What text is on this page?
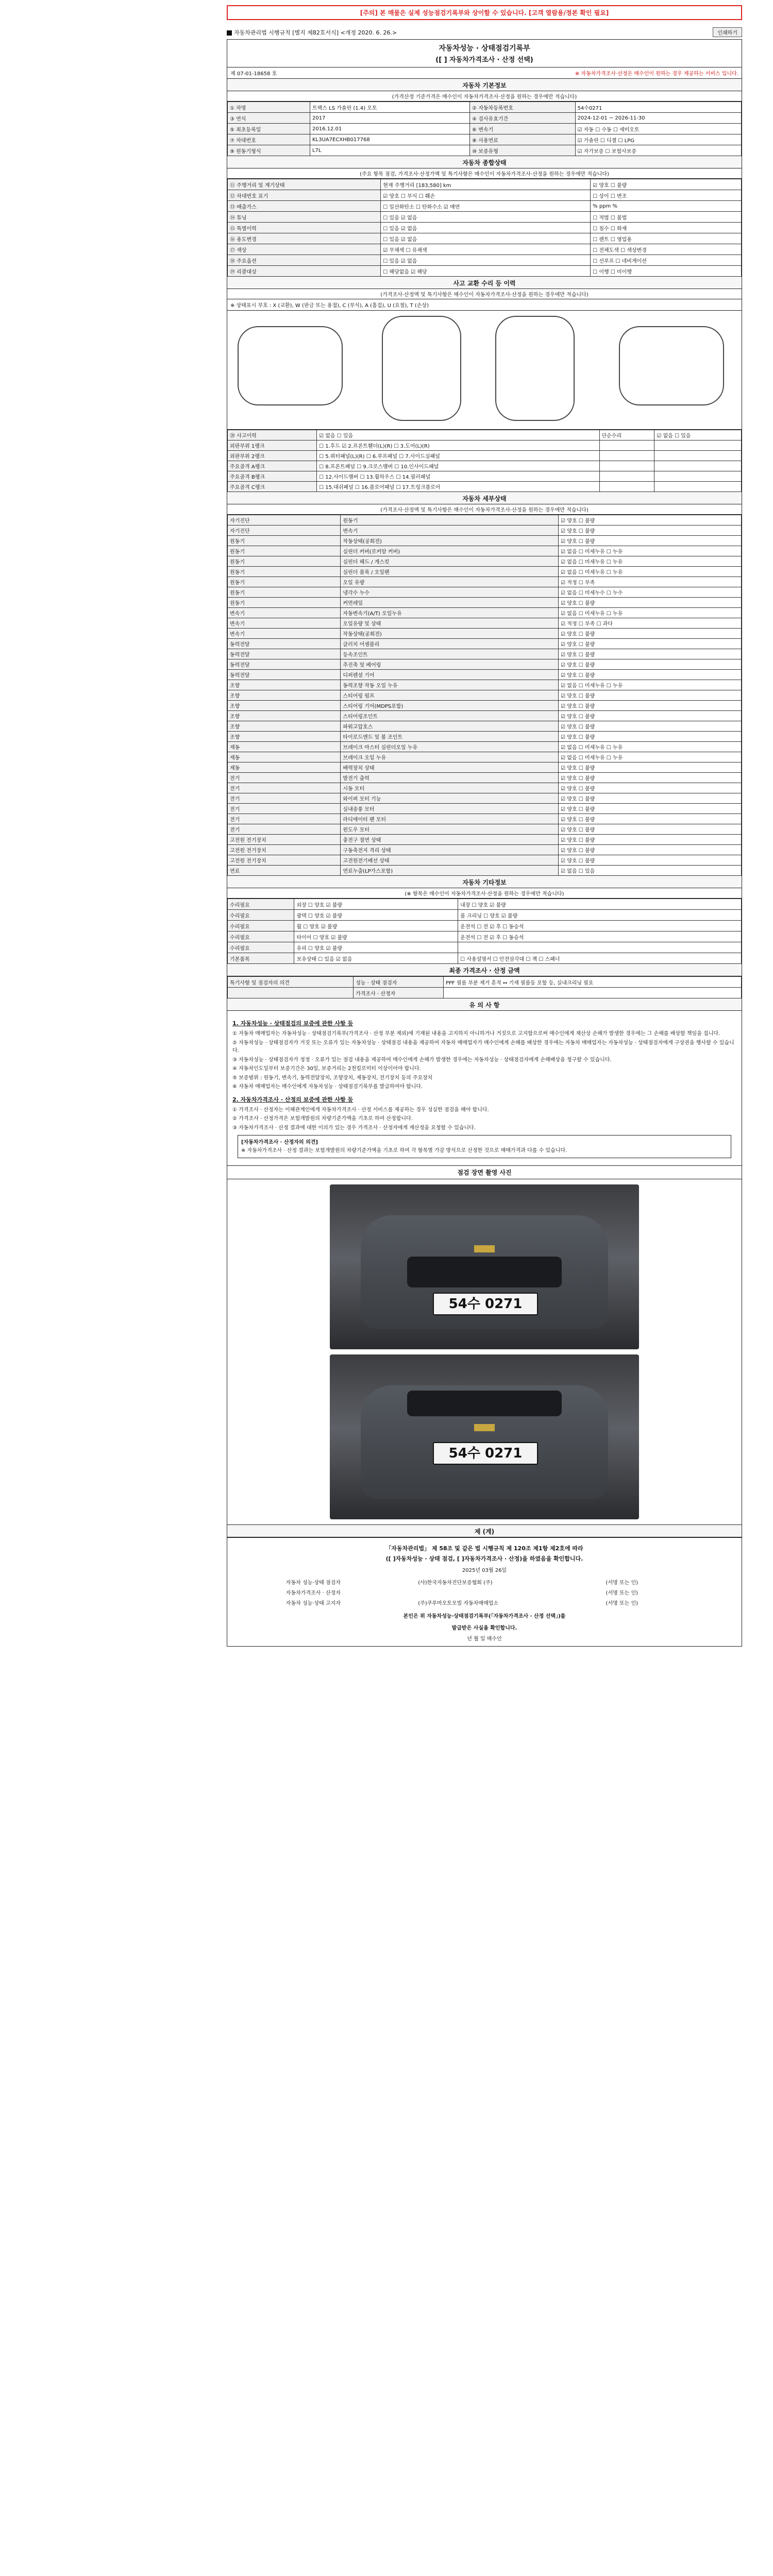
[주의] 본 매물은 실제 성능점검기록부와 상이할 수 있습니다. [고객 열람용/정본 확인 필요]
자동차관리법 시행규칙 [별지 제82호서식] <개정 2020. 6. 26.>	인쇄하기
자동차성능 · 상태점검기록부
([ ] 자동차가격조사 · 산정 선택)
제 07-01-18658 호	※ 자동차가격조사·산정은 매수인이 원하는 경우 제공하는 서비스 입니다.
자동차 기본정보
(가격산정 기준가격은 매수인이 자동차가격조사·산정을 원하는 경우에만 적습니다)
① 차명	트랙스 LS 가솔린 (1.4) 오토	② 자동차등록번호	54수0271
③ 연식	2017	④ 검사유효기간	2024-12-01 ~ 2026-11-30
⑤ 최초등록일	2016.12.01	⑥ 변속기	☑ 자동 ☐ 수동 ☐ 세미오토
⑦ 차대번호	KL3UA7ECXHB017768	⑧ 사용연료	☑ 가솔린 ☐ 디젤 ☐ LPG
⑨ 원동기형식	L7L	⑩ 보증유형	☑ 자가보증 ☐ 보험사보증
자동차 종합상태
(주요 항목 점검, 가격조사·산정가액 및 특기사항은 매수인이 자동차가격조사·산정을 원하는 경우에만 적습니다)
⑪ 주행거리 및 계기상태	현재 주행거리 [183,580] km	☑ 양호 ☐ 불량
⑫ 차대번호 표기	☑ 양호 ☐ 부식 ☐ 훼손	☐ 상이 ☐ 변조
⑬ 배출가스	☐ 일산화탄소 ☐ 탄화수소 ☑ 매연	% ppm %
⑭ 튜닝	☐ 있음 ☑ 없음	☐ 적법 ☐ 불법
⑮ 특별이력	☐ 있음 ☑ 없음	☐ 침수 ☐ 화재
⑯ 용도변경	☐ 있음 ☑ 없음	☐ 렌트 ☐ 영업용
⑰ 색상	☑ 무채색 ☐ 유채색	☐ 전체도색 ☐ 색상변경
⑱ 주요옵션	☐ 있음 ☑ 없음	☐ 선루프 ☐ 네비게이션
⑲ 리콜대상	☐ 해당없음 ☑ 해당	☐ 이행 ☐ 미이행
사고 교환 수리 등 이력
(가격조사·산정액 및 특기사항은 매수인이 자동차가격조사·산정을 원하는 경우에만 적습니다)
※ 상태표시 부호 : X (교환), W (판금 또는 용접), C (부식), A (흠집), U (요철), T (손상)
⑳ 사고이력	☑ 없음 ☐ 있음	단순수리	☑ 없음 ☐ 있음
외판부위 1랭크	☐ 1.후드 ☑ 2.프론트휀더(L)(R) ☐ 3.도어(L)(R)		
외판부위 2랭크	☐ 5.쿼터패널(L)(R) ☐ 6.루프패널 ☐ 7.사이드실패널		
주요골격 A랭크	☐ 8.프론트패널 ☐ 9.크로스멤버 ☐ 10.인사이드패널		
주요골격 B랭크	☐ 12.사이드멤버 ☐ 13.휠하우스 ☐ 14.필러패널		
주요골격 C랭크	☐ 15.대쉬패널 ☐ 16.플로어패널 ☐ 17.트렁크플로어		
자동차 세부상태
(가격조사·산정액 및 특기사항은 매수인이 자동차가격조사·산정을 원하는 경우에만 적습니다)
자기진단	원동기	☑ 양호 ☐ 불량
자기진단	변속기	☑ 양호 ☐ 불량
원동기	작동상태(공회전)	☑ 양호 ☐ 불량
원동기	실린더 커버(로커암 커버)	☑ 없음 ☐ 미세누유 ☐ 누유
원동기	실린더 헤드 / 개스킷	☑ 없음 ☐ 미세누유 ☐ 누유
원동기	실린더 블록 / 오일팬	☑ 없음 ☐ 미세누유 ☐ 누유
원동기	오일 유량	☑ 적정 ☐ 부족
원동기	냉각수 누수	☑ 없음 ☐ 미세누수 ☐ 누수
원동기	커먼레일	☑ 양호 ☐ 불량
변속기	자동변속기(A/T) 오일누유	☑ 없음 ☐ 미세누유 ☐ 누유
변속기	오일유량 및 상태	☑ 적정 ☐ 부족 ☐ 과다
변속기	작동상태(공회전)	☑ 양호 ☐ 불량
동력전달	클러치 어셈블리	☑ 양호 ☐ 불량
동력전달	등속조인트	☑ 양호 ☐ 불량
동력전달	추진축 및 베어링	☑ 양호 ☐ 불량
동력전달	디퍼렌셜 기어	☑ 양호 ☐ 불량
조향	동력조향 작동 오일 누유	☑ 없음 ☐ 미세누유 ☐ 누유
조향	스티어링 펌프	☑ 양호 ☐ 불량
조향	스티어링 기어(MDPS포함)	☑ 양호 ☐ 불량
조향	스티어링조인트	☑ 양호 ☐ 불량
조향	파워고압호스	☑ 양호 ☐ 불량
조향	타이로드엔드 및 볼 조인트	☑ 양호 ☐ 불량
제동	브레이크 마스터 실린더오일 누유	☑ 없음 ☐ 미세누유 ☐ 누유
제동	브레이크 오일 누유	☑ 없음 ☐ 미세누유 ☐ 누유
제동	배력장치 상태	☑ 양호 ☐ 불량
전기	발전기 출력	☑ 양호 ☐ 불량
전기	시동 모터	☑ 양호 ☐ 불량
전기	와이퍼 모터 기능	☑ 양호 ☐ 불량
전기	실내송풍 모터	☑ 양호 ☐ 불량
전기	라디에이터 팬 모터	☑ 양호 ☐ 불량
전기	윈도우 모터	☑ 양호 ☐ 불량
고전원 전기장치	충전구 절연 상태	☑ 양호 ☐ 불량
고전원 전기장치	구동축전지 격리 상태	☑ 양호 ☐ 불량
고전원 전기장치	고전원전기배선 상태	☑ 양호 ☐ 불량
연료	연료누출(LP가스포함)	☑ 없음 ☐ 있음
자동차 기타정보
(※ 항목은 매수인이 자동차가격조사·산정을 원하는 경우에만 적습니다)
수리필요	외장 ☐ 양호 ☑ 불량	내장 ☐ 양호 ☑ 불량
수리필요	광택 ☐ 양호 ☑ 불량	룸 크리닝 ☐ 양호 ☑ 불량
수리필요	휠 ☐ 양호 ☑ 불량	운전석 ☐ 전 ☑ 후 ☐ 동승석
수리필요	타이어 ☐ 양호 ☑ 불량	운전석 ☐ 전 ☑ 후 ☐ 동승석
수리필요	유리 ☐ 양호 ☑ 불량	
기본품목	보유상태 ☐ 있음 ☑ 없음	☐ 사용설명서 ☐ 안전삼각대 ☐ 잭 ☐ 스패너
최종 가격조사 · 산정 금액
특기사항 및 점검자의 의견	성능 · 상태 점검자	PPF 필름 부분 제거 흔적 ↔ 기재 필름등 포함 등, 실내크리닝 필요
	가격조사 · 산정자	
유 의 사 항
1. 자동차성능 · 상태점검의 보증에 관한 사항 등

① 자동차 매매업자는 자동차성능 · 상태점검기록부(가격조사 · 산정 부분 제외)에 기재된 내용을 고지하지 아니하거나 거짓으로 고지함으로써 매수인에게 재산상 손해가 발생한 경우에는 그 손해를 배상할 책임을 집니다.

② 자동차성능 · 상태점검자가 거짓 또는 오류가 있는 자동차성능 · 상태점검 내용을 제공하여 자동차 매매업자가 매수인에게 손해를 배상한 경우에는 자동차 매매업자는 자동차성능 · 상태점검자에게 구상권을 행사할 수 있습니다.

③ 자동차성능 · 상태점검자가 정정 · 오류가 있는 점검 내용을 제공하여 매수인에게 손해가 발생한 경우에는 자동차성능 · 상태점검자에게 손해배상을 청구할 수 있습니다.

④ 자동차인도일부터 보증기간은 30일, 보증거리는 2천킬로미터 이상이어야 합니다.

⑤ 보증범위 : 원동기, 변속기, 동력전달장치, 조향장치, 제동장치, 전기장치 등의 주요장치

⑥ 자동차 매매업자는 매수인에게 자동차성능 · 상태점검기록부를 발급하여야 합니다.

2. 자동차가격조사 · 산정의 보증에 관한 사항 등

① 가격조사 · 산정자는 이해관계인에게 자동차가격조사 · 산정 서비스를 제공하는 경우 성실한 점검을 해야 합니다.

② 가격조사 · 산정가격은 보험개발원의 차량기준가액을 기초로 하여 산정합니다.

③ 자동차가격조사 · 산정 결과에 대한 이의가 있는 경우 가격조사 · 산정자에게 재산정을 요청할 수 있습니다.

[자동차가격조사 · 산정자의 의견]
※ 자동차가격조사 · 산정 결과는 보험개발원의 차량기준가액을 기초로 하여 각 항목별 가감 방식으로 산정한 것으로 매매가격과 다를 수 있습니다.
점검 장면 촬영 사진
54수 0271
54수 0271
제 (계)
「자동차관리법」 제 58조 및 같은 법 시행규칙 제 120조 제1항 제2호에 따라
([ ]자동차성능 · 상태 점검, [ ]자동차가격조사 · 산정)을 하였음을 확인합니다.
2025년 03월 26일
자동차 성능·상태 점검자	(사)한국자동차진단보증협회 (주)	(서명 또는 인)
자동차가격조사 · 산정자		(서명 또는 인)
자동차 성능·상태 고지자	(주)쿠루마오토모빌 자동차매매업소	(서명 또는 인)
본인은 위 자동차성능·상태점검기록부(「자동차가격조사 · 산정 선택」)를
발급받은 사실을 확인합니다.
년 월 일 매수인
